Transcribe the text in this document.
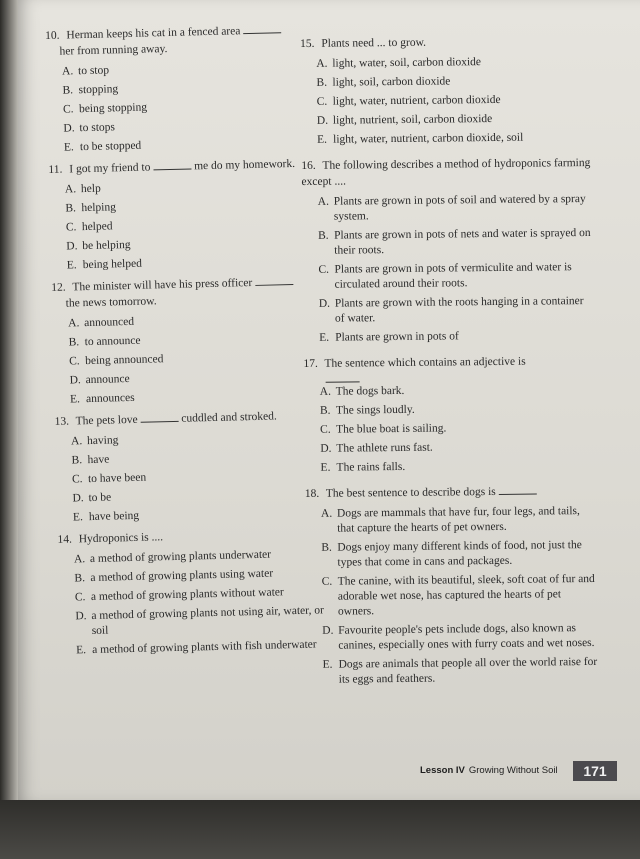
10. Herman keeps his cat in a fenced area
her from running away.

A. to stop
B. stopping
C. being stopping
D. to stops
E. to be stopped

11. I got my friend to	me do my homework.

A. help
B. helping
C. helped
D. be helping
E. being helped

12. The minister will have his press officer
the news tomorrow.

A. announced
B. to announce
C. being announced
D. announce
E. announces

13. The pets love	cuddled and stroked.

A. having
B. have
C. to have been
D. to be
E. have being

14. Hydroponics is ....

A. a method of growing plants underwater
B. a method of growing plants using water
C. a method of growing plants without water
D. a method of growing plants not using air, water, or soil
E. a method of growing plants with fish underwater

15. Plants need ... to grow.

A. light, water, soil, carbon dioxide
B. light, soil, carbon dioxide
C. light, water, nutrient, carbon dioxide
D. light, nutrient, soil, carbon dioxide
E. light, water, nutrient, carbon dioxide, soil

16. The following describes a method of hydroponics farming except ....

A. Plants are grown in pots of soil and watered by a spray system.
B. Plants are grown in pots of nets and water is sprayed on their roots.
C. Plants are grown in pots of vermiculite and water is circulated around their roots.
D. Plants are grown with the roots hanging in a container of water.
E. Plants are grown in pots of

17. The sentence which contains an adjective is

A. The dogs bark.
B. The sings loudly.
C. The blue boat is sailing.
D. The athlete runs fast.
E. The rains falls.

18. The best sentence to describe dogs is

A. Dogs are mammals that have fur, four legs, and tails, that capture the hearts of pet owners.
B. Dogs enjoy many different kinds of food, not just the types that come in cans and packages.
C. The canine, with its beautiful, sleek, soft coat of fur and adorable wet nose, has captured the hearts of pet owners.
D. Favourite people's pets include dogs, also known as canines, especially ones with furry coats and wet noses.
E. Dogs are animals that people all over the world raise for its eggs and feathers.
Lesson IV Growing Without Soil	171
